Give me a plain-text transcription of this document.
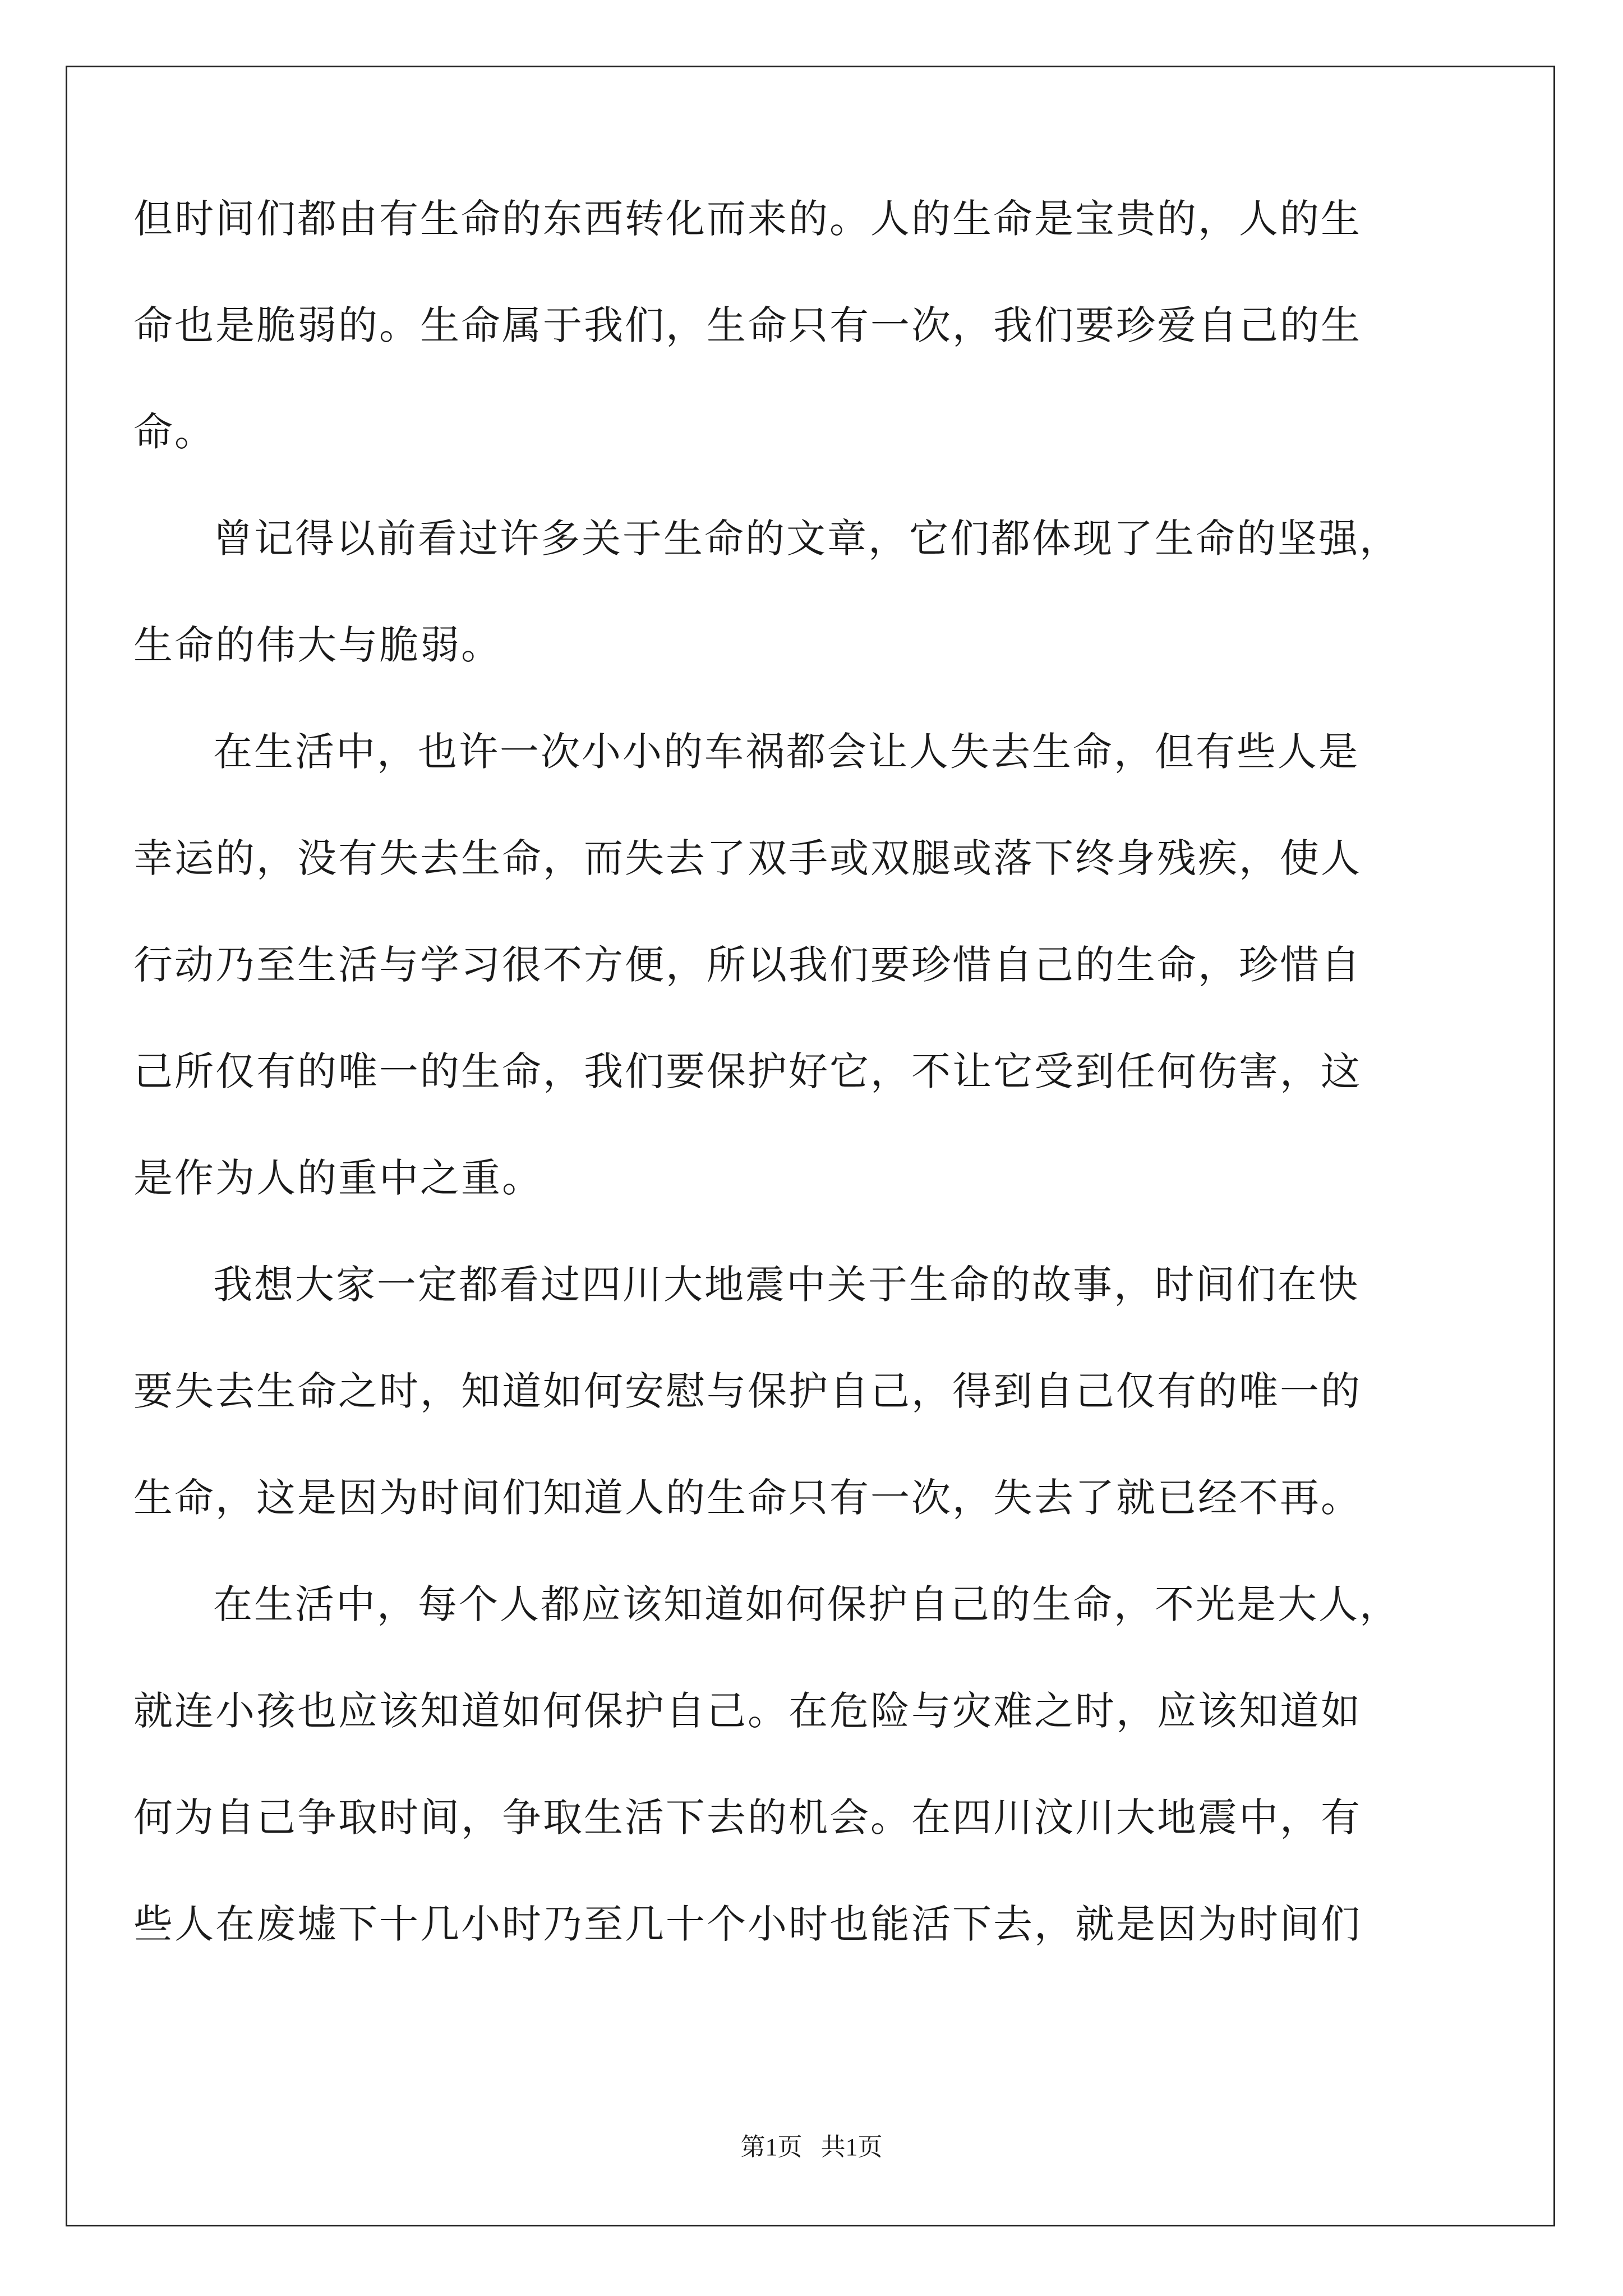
但时间们都由有生命的东西转化而来的。人的生命是宝贵的，人的生
命也是脆弱的。生命属于我们，生命只有一次，我们要珍爱自己的生
命。
曾记得以前看过许多关于生命的文章，它们都体现了生命的坚强，
生命的伟大与脆弱。
在生活中，也许一次小小的车祸都会让人失去生命，但有些人是
幸运的，没有失去生命，而失去了双手或双腿或落下终身残疾，使人
行动乃至生活与学习很不方便，所以我们要珍惜自己的生命，珍惜自
己所仅有的唯一的生命，我们要保护好它，不让它受到任何伤害，这
是作为人的重中之重。
我想大家一定都看过四川大地震中关于生命的故事，时间们在快
要失去生命之时，知道如何安慰与保护自己，得到自己仅有的唯一的
生命，这是因为时间们知道人的生命只有一次，失去了就已经不再。
在生活中，每个人都应该知道如何保护自己的生命，不光是大人，
就连小孩也应该知道如何保护自己。在危险与灾难之时，应该知道如
何为自己争取时间，争取生活下去的机会。在四川汶川大地震中，有
些人在废墟下十几小时乃至几十个小时也能活下去，就是因为时间们
第1页 共1页
